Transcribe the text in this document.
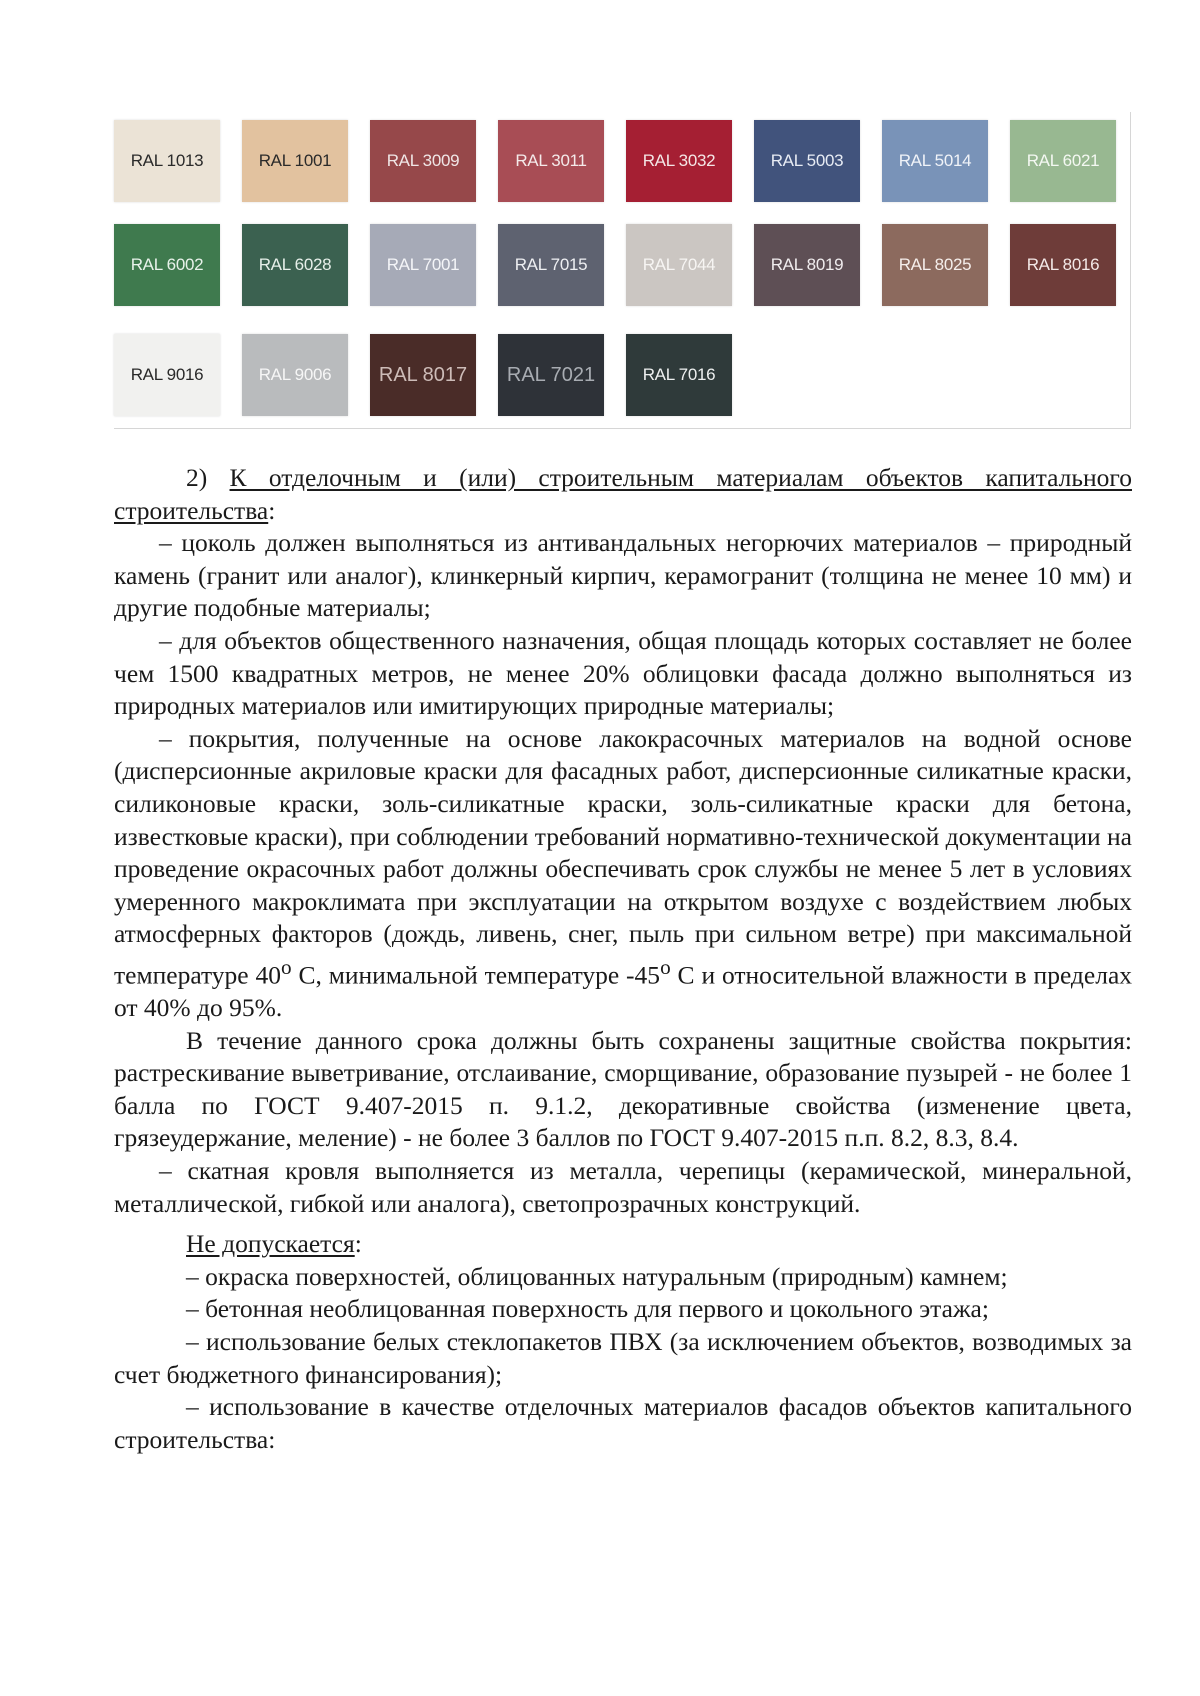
RAL 1013	RAL 1001	RAL 3009	RAL 3011	RAL 3032	RAL 5003	RAL 5014	RAL 6021
RAL 6002	RAL 6028	RAL 7001	RAL 7015	RAL 7044	RAL 8019	RAL 8025	RAL 8016
RAL 9016	RAL 9006	RAL 8017	RAL 7021	RAL 7016

2) К отделочным и (или) строительным материалам объектов капитального строительства:

– цоколь должен выполняться из антивандальных негорючих материалов – природный камень (гранит или аналог), клинкерный кирпич, керамогранит (толщина не менее 10 мм) и другие подобные материалы;

– для объектов общественного назначения, общая площадь которых составляет не более чем 1500 квадратных метров, не менее 20% облицовки фасада должно выполняться из природных материалов или имитирующих природные материалы;

– покрытия, полученные на основе лакокрасочных материалов на водной основе (дисперсионные акриловые краски для фасадных работ, дисперсионные силикатные краски, силиконовые краски, золь-силикатные краски, золь-силикатные краски для бетона, известковые краски), при соблюдении требований нормативно-технической документации на проведение окрасочных работ должны обеспечивать срок службы не менее 5 лет в условиях умеренного макроклимата при эксплуатации на открытом воздухе с воздействием любых атмосферных факторов (дождь, ливень, снег, пыль при сильном ветре) при максимальной температуре 40$^o$ С, минимальной температуре -45$^o$ С и относительной влажности в пределах от 40% до 95%.

В течение данного срока должны быть сохранены защитные свойства покрытия: растрескивание выветривание, отслаивание, сморщивание, образование пузырей - не более 1 балла по ГОСТ 9.407-2015 п. 9.1.2, декоративные свойства (изменение цвета, грязеудержание, меление) - не более 3 баллов по ГОСТ 9.407-2015 п.п. 8.2, 8.3, 8.4.

– скатная кровля выполняется из металла, черепицы (керамической, минеральной, металлической, гибкой или аналога), светопрозрачных конструкций.

Не допускается:

– окраска поверхностей, облицованных натуральным (природным) камнем;

– бетонная необлицованная поверхность для первого и цокольного этажа;

– использование белых стеклопакетов ПВХ (за исключением объектов, возводимых за счет бюджетного финансирования);

– использование в качестве отделочных материалов фасадов объектов капитального строительства:
